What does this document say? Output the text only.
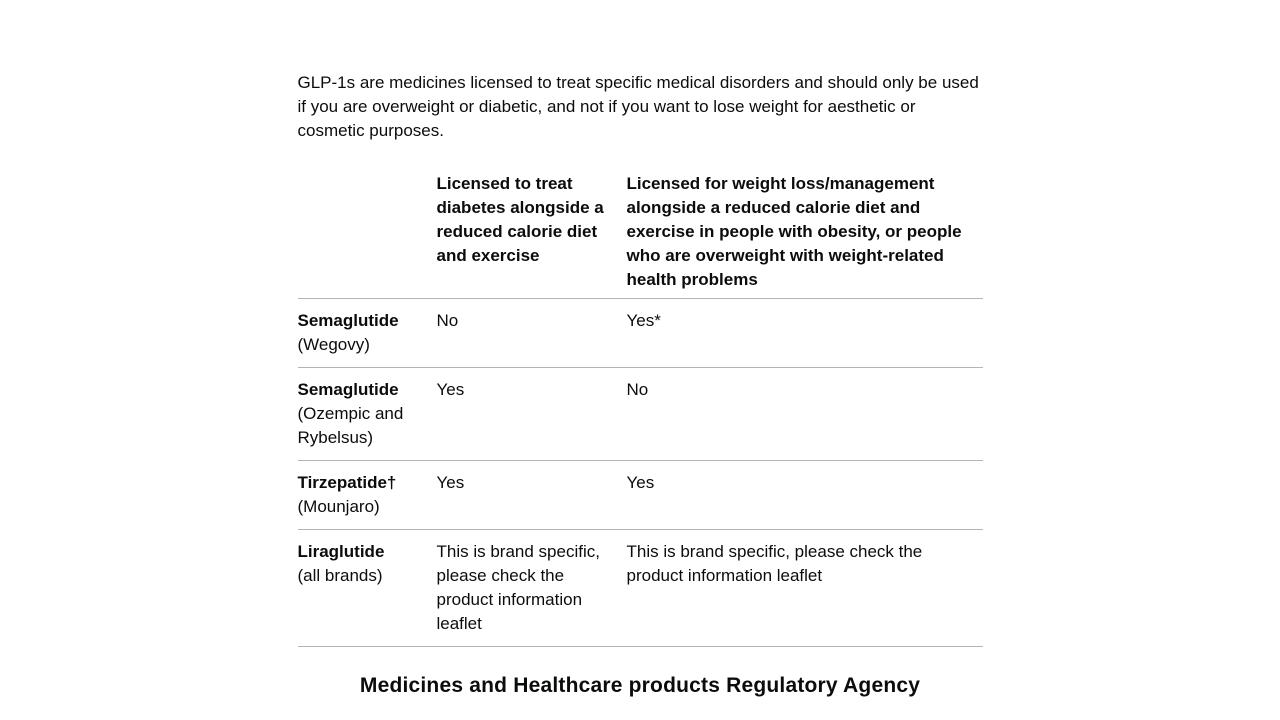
GLP-1s are medicines licensed to treat specific medical disorders and should only be used if you are overweight or diabetic, and not if you want to lose weight for aesthetic or cosmetic purposes.

	Licensed to treat diabetes alongside a reduced calorie diet and exercise	Licensed for weight loss/management alongside a reduced calorie diet and exercise in people with obesity, or people who are overweight with weight-related health problems

Semaglutide
(Wegovy)	No	Yes*

Semaglutide
(Ozempic and Rybelsus)	Yes	No

Tirzepatide†
(Mounjaro)	Yes	Yes

Liraglutide
(all brands)	This is brand specific, please check the product information leaflet	This is brand specific, please check the product information leaflet
Medicines and Healthcare products Regulatory Agency
